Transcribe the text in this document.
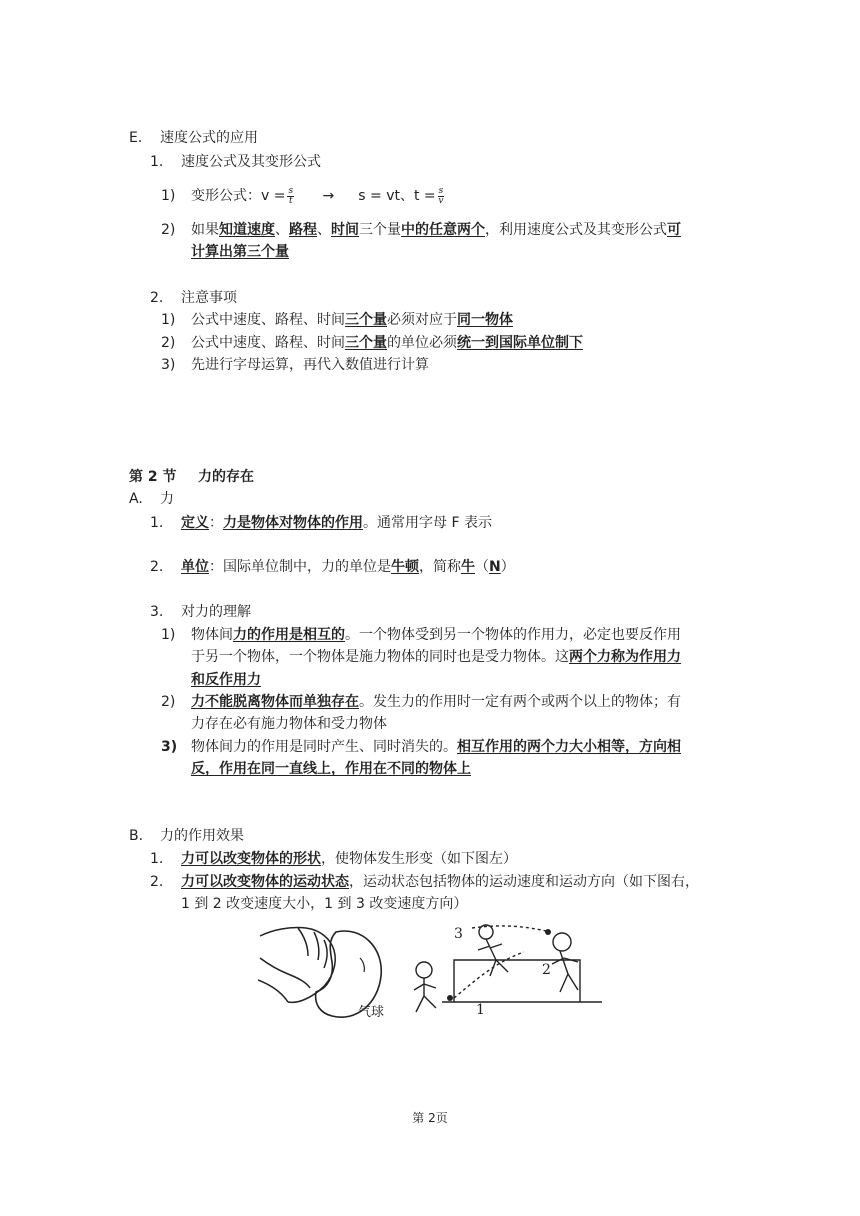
E. 速度公式的应用
1. 速度公式及其变形公式
1) 变形公式：$v = \frac{s}{t} \to s$ = vt、$t = \frac{s}{v}$
2) 如果知道速度、路程、时间三个量中的任意两个，利用速度公式及其变形公式可
计算出第三个量
2. 注意事项
1) 公式中速度、路程、时间三个量必须对应于同一物体
2) 公式中速度、路程、时间三个量的单位必须统一到国际单位制下
3) 先进行字母运算，再代入数值进行计算
第 2 节 力的存在
A. 力
1. 定义：力是物体对物体的作用。通常用字母 F 表示
2. 单位：国际单位制中，力的单位是牛顿，简称牛（N）
3. 对力的理解
1) 物体间力的作用是相互的。一个物体受到另一个物体的作用力，必定也要反作用
于另一个物体，一个物体是施力物体的同时也是受力物体。这两个力称为作用力
和反作用力
2) 力不能脱离物体而单独存在。发生力的作用时一定有两个或两个以上的物体；有
力存在必有施力物体和受力物体
3) 物体间力的作用是同时产生、同时消失的。相互作用的两个力大小相等，方向相
反，作用在同一直线上，作用在不同的物体上
B. 力的作用效果
1. 力可以改变物体的形状，使物体发生形变（如下图左）
2. 力可以改变物体的运动状态，运动状态包括物体的运动速度和运动方向（如下图右，
1 到 2 改变速度大小，1 到 3 改变速度方向）
气球	1
2
3
第 2页
